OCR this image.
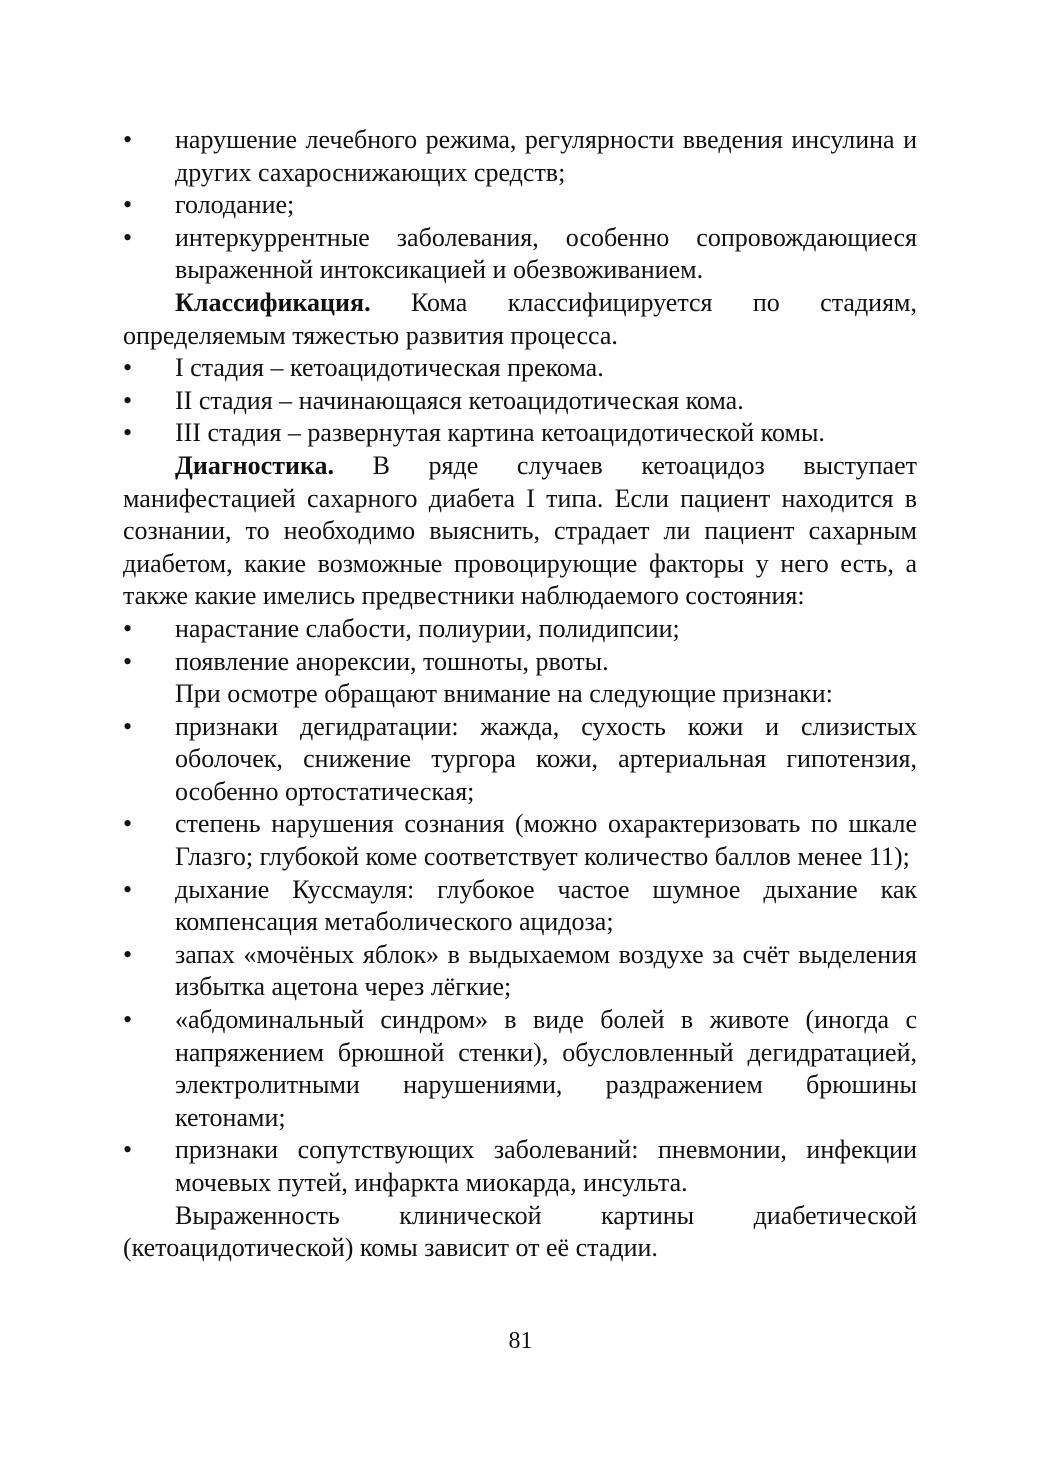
•	нарушение лечебного режима, регулярности введения инсулина и других сахароснижающих средств;
•	голодание;
•	интеркуррентные заболевания, особенно сопровождающиеся выраженной интоксикацией и обезвоживанием.

Классификация. Кома классифицируется по стадиям, определяемым тяжестью развития процесса.

•	I стадия – кетоацидотическая прекома.
•	II стадия – начинающаяся кетоацидотическая кома.
•	III стадия – развернутая картина кетоацидотической комы.

Диагностика. В ряде случаев кетоацидоз выступает манифестацией сахарного диабета I типа. Если пациент находится в сознании, то необходимо выяснить, страдает ли пациент сахарным диабетом, какие возможные провоцирующие факторы у него есть, а также какие имелись предвестники наблюдаемого состояния:

•	нарастание слабости, полиурии, полидипсии;
•	появление анорексии, тошноты, рвоты.
При осмотре обращают внимание на следующие признаки:
•	признаки дегидратации: жажда, сухость кожи и слизистых оболочек, снижение тургора кожи, артериальная гипотензия, особенно ортостатическая;
•	степень нарушения сознания (можно охарактеризовать по шкале Глазго; глубокой коме соответствует количество баллов менее 11);
•	дыхание Куссмауля: глубокое частое шумное дыхание как компенсация метаболического ацидоза;
•	запах «мочёных яблок» в выдыхаемом воздухе за счёт выделения избытка ацетона через лёгкие;
•	«абдоминальный синдром» в виде болей в животе (иногда с напряжением брюшной стенки), обусловленный дегидратацией, электролитными нарушениями, раздражением брюшины кетонами;
•	признаки сопутствующих заболеваний: пневмонии, инфекции мочевых путей, инфаркта миокарда, инсульта.

Выраженность клинической картины диабетической (кетоацидотической) комы зависит от её стадии.

81
